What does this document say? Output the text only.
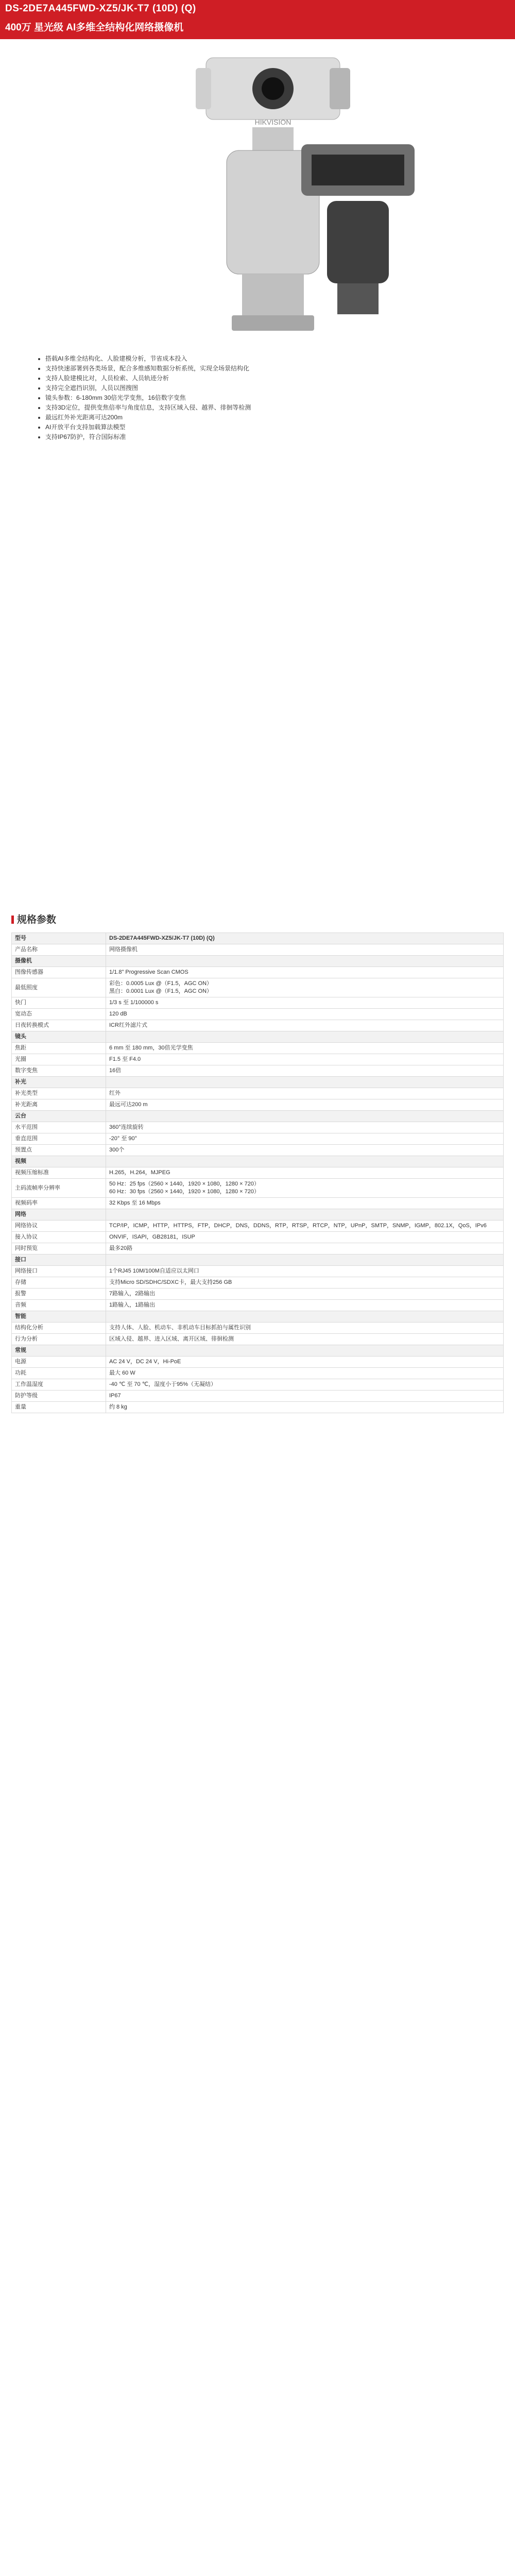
DS-2DE7A445FWD-XZ5/JK-T7 (10D) (Q)
400万 星光级 AI多维全结构化网络摄像机
HIKVISION
• 搭载AI多维全结构化、人脸建模分析，节省成本投入
• 支持快速部署到各类场景，配合多维感知数据分析系统，实现全场景结构化
• 支持人脸建模比对，人员检索、人员轨迹分析
• 支持完全遮挡识别，人员以图搜图
• 镜头参数：6-180mm 30倍光学变焦，16倍数字变焦
• 支持3D定位，提供变焦倍率与角度信息，支持区域入侵、越界、徘徊等检测
• 最远红外补光距离可达200m
• AI开放平台支持加载算法模型
• 支持IP67防护，符合国际标准
规格参数
型号	DS-2DE7A445FWD-XZ5/JK-T7 (10D) (Q)
产品名称	网络摄像机
摄像机	
图像传感器	1/1.8" Progressive Scan CMOS
最低照度	彩色：0.0005 Lux @（F1.5，AGC ON）
黑白：0.0001 Lux @（F1.5，AGC ON）
快门	1/3 s 至 1/100000 s
宽动态	120 dB
日夜转换模式	ICR红外滤片式
镜头	
焦距	6 mm 至 180 mm，30倍光学变焦
光圈	F1.5 至 F4.0
数字变焦	16倍
补光	
补光类型	红外
补光距离	最远可达200 m
云台	
水平范围	360°连续旋转
垂直范围	-20° 至 90°
预置点	300个
视频	
视频压缩标准	H.265，H.264，MJPEG
主码流帧率分辨率	50 Hz：25 fps（2560 × 1440，1920 × 1080，1280 × 720）
60 Hz：30 fps（2560 × 1440，1920 × 1080，1280 × 720）
视频码率	32 Kbps 至 16 Mbps
网络	
网络协议	TCP/IP，ICMP，HTTP，HTTPS，FTP，DHCP，DNS，DDNS，RTP，RTSP，RTCP，NTP，UPnP，SMTP，SNMP，IGMP，802.1X，QoS，IPv6
接入协议	ONVIF，ISAPI，GB28181，ISUP
同时预览	最多20路
接口	
网络接口	1个RJ45 10M/100M自适应以太网口
存储	支持Micro SD/SDHC/SDXC卡，最大支持256 GB
报警	7路输入，2路输出
音频	1路输入，1路输出
智能	
结构化分析	支持人体、人脸、机动车、非机动车目标抓拍与属性识别
行为分析	区域入侵、越界、进入区域、离开区域、徘徊检测
常规	
电源	AC 24 V，DC 24 V，Hi-PoE
功耗	最大 60 W
工作温湿度	-40 ℃ 至 70 ℃，湿度小于95%（无凝结）
防护等级	IP67
重量	约 8 kg
